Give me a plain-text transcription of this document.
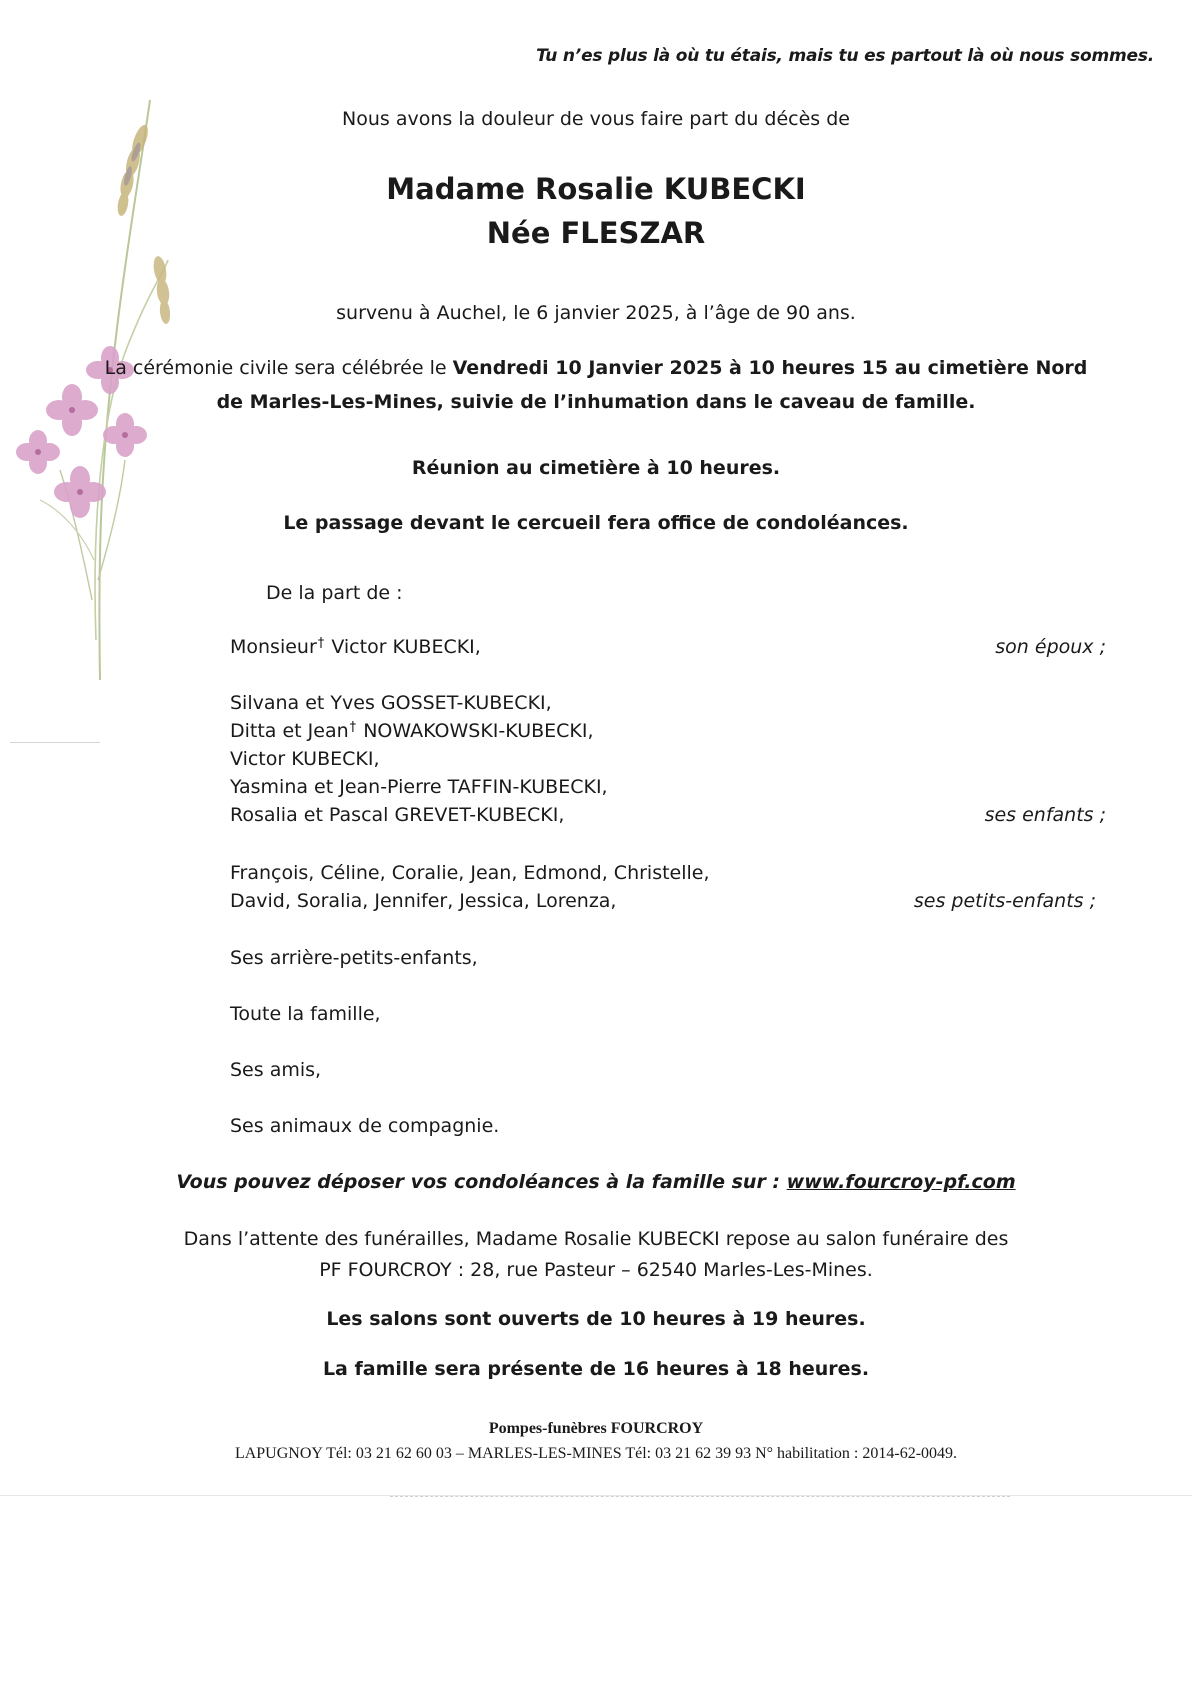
Tu n’es plus là où tu étais, mais tu es partout là où nous sommes.
Nous avons la douleur de vous faire part du décès de
Madame Rosalie KUBECKI
Née FLESZAR
survenu à Auchel, le 6 janvier 2025, à l’âge de 90 ans.
La cérémonie civile sera célébrée le Vendredi 10 Janvier 2025 à 10 heures 15 au cimetière Nord
de Marles-Les-Mines, suivie de l’inhumation dans le caveau de famille.
Réunion au cimetière à 10 heures.
Le passage devant le cercueil fera office de condoléances.
De la part de :
Monsieur† Victor KUBECKI,	son époux ;
Silvana et Yves GOSSET-KUBECKI,
Ditta et Jean† NOWAKOWSKI-KUBECKI,
Victor KUBECKI,
Yasmina et Jean-Pierre TAFFIN-KUBECKI,
Rosalia et Pascal GREVET-KUBECKI,	ses enfants ;
François, Céline, Coralie, Jean, Edmond, Christelle,
David, Soralia, Jennifer, Jessica, Lorenza,	ses petits-enfants ;
Ses arrière-petits-enfants,
Toute la famille,
Ses amis,
Ses animaux de compagnie.
Vous pouvez déposer vos condoléances à la famille sur : www.fourcroy-pf.com
Dans l’attente des funérailles, Madame Rosalie KUBECKI repose au salon funéraire des
PF FOURCROY : 28, rue Pasteur – 62540 Marles-Les-Mines.
Les salons sont ouverts de 10 heures à 19 heures.
La famille sera présente de 16 heures à 18 heures.
Pompes-funèbres FOURCROY
LAPUGNOY Tél: 03 21 62 60 03 – MARLES-LES-MINES Tél: 03 21 62 39 93 N° habilitation : 2014-62-0049.
